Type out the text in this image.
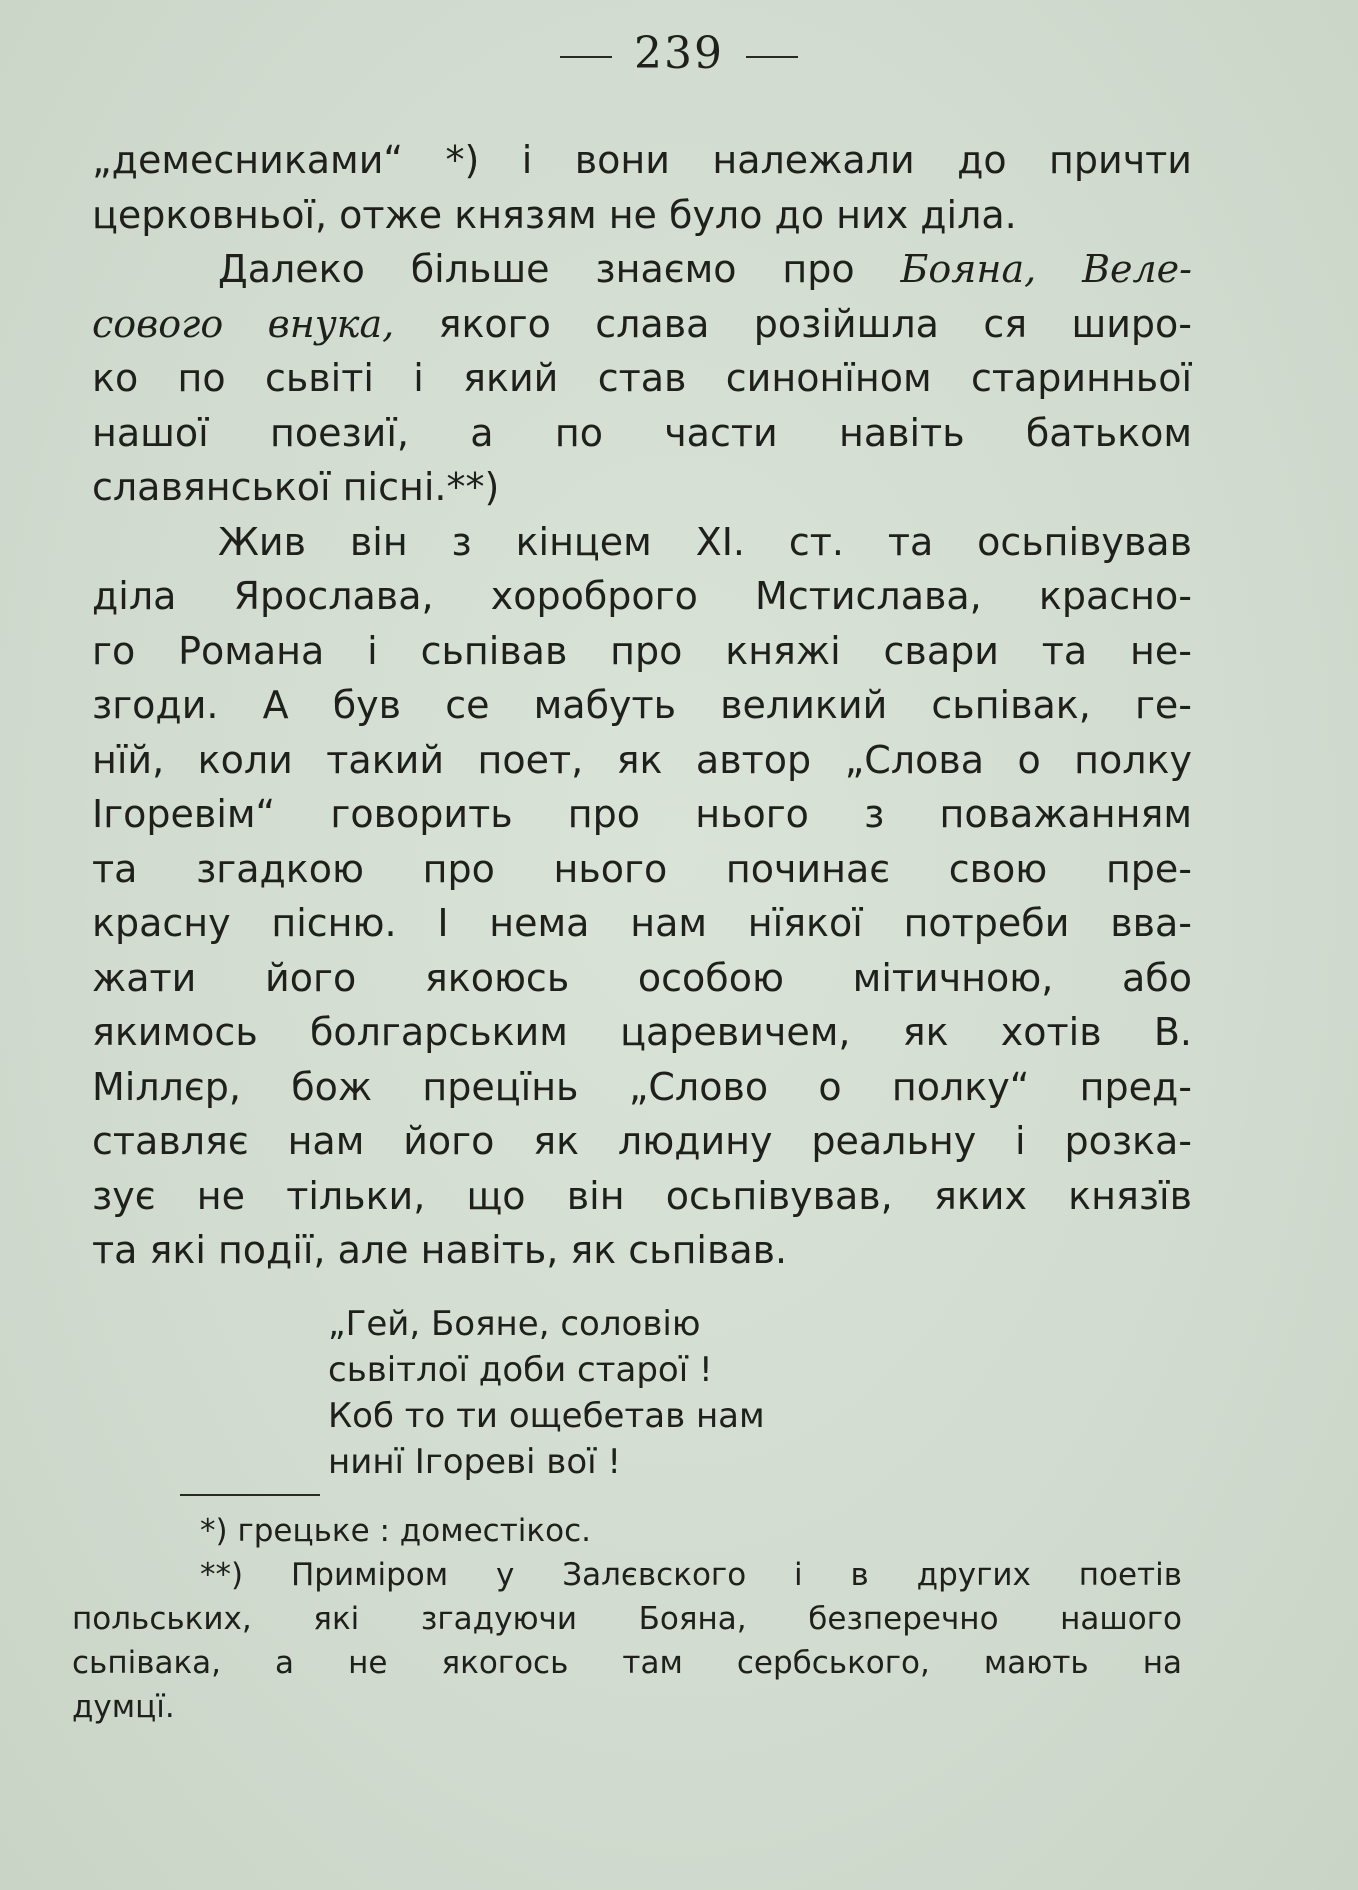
239
„демесниками“ *) і вони належали до причти
церковньої, отже князям не було до них діла.
Далеко більше знаємо про Бояна, Веле-
сового внука, якого слава розійшла ся широ-
ко по сьвіті і який став синонїном старинньої
нашої поезиї, а по части навіть батьком
славянської пісні.**)
Жив він з кінцем XI. ст. та осьпівував
діла Ярослава, хороброго Мстислава, красно-
го Романа і сьпівав про княжі свари та не-
згоди. А був се мабуть великий сьпівак, ге-
нїй, коли такий поет, як автор „Слова о полку
Ігоревім“ говорить про нього з поважанням
та згадкою про нього починає свою пре-
красну пісню. І нема нам нїякої потреби вва-
жати його якоюсь особою мітичною, або
якимось болгарським царевичем, як хотів В.
Міллєр, бож прецїнь „Слово о полку“ пред-
ставляє нам його як людину реальну і розка-
зує не тільки, що він осьпівував, яких князїв
та які події, але навіть, як сьпівав.
„Гей, Бояне, соловію
сьвітлої доби старої !
Коб то ти ощебетав нам
нинї Ігореві вої !
*) грецьке : доместікос.
**) Приміром у Залєвского і в других поетів
польських, які згадуючи Бояна, безперечно нашого
сьпівака, а не якогось там сербського, мають на
думцї.
